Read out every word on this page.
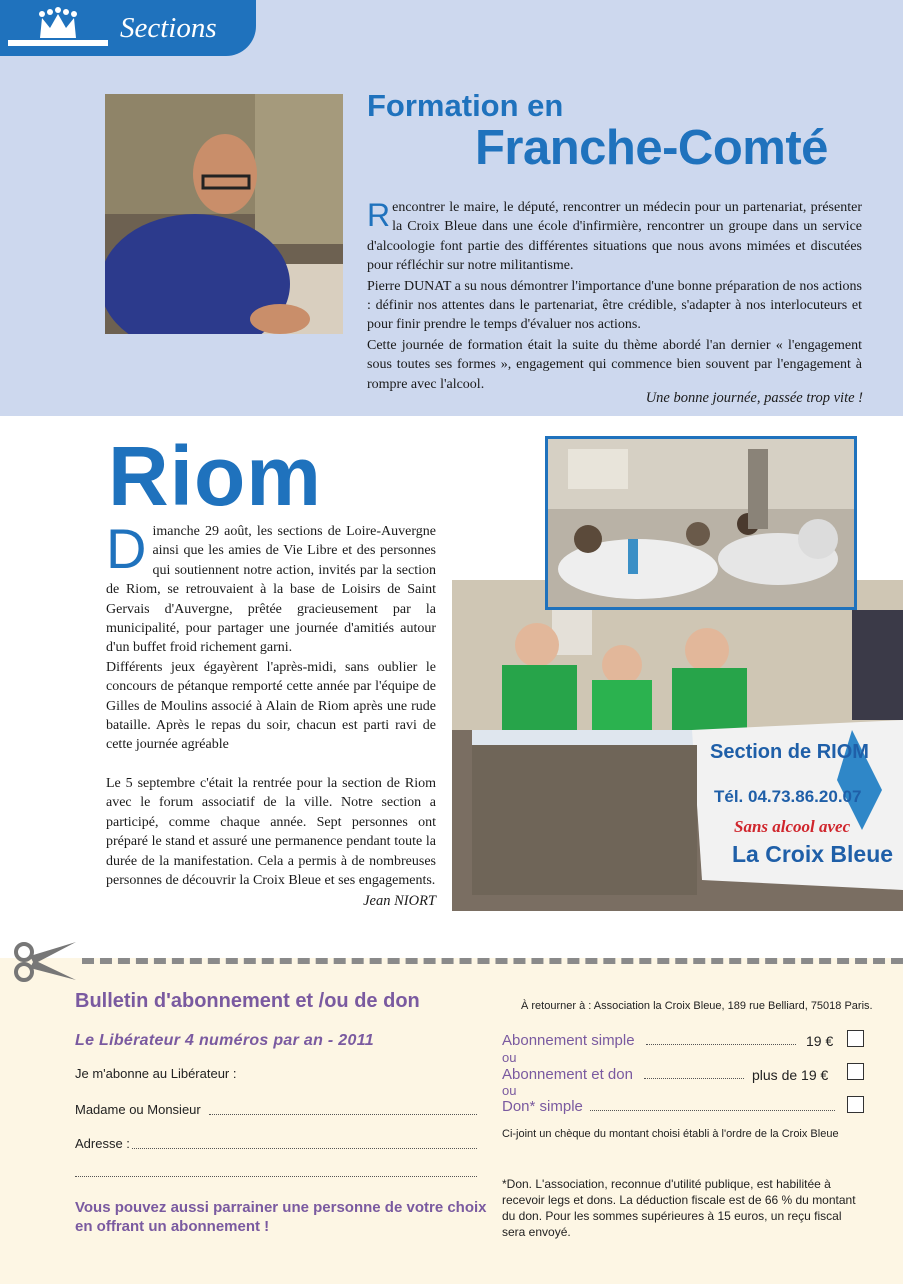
Sections
Formation en
Franche-Comté

Rencontrer le maire, le député, rencontrer un médecin pour un partenariat, présenter la Croix Bleue dans une école d'infirmière, rencontrer un groupe dans un service d'alcoologie font partie des différentes situations que nous avons mimées et discutées pour réfléchir sur notre militantisme.

Pierre DUNAT a su nous démontrer l'importance d'une bonne préparation de nos actions : définir nos attentes dans le partenariat, être crédible, s'adapter à nos interlocuteurs et pour finir prendre le temps d'évaluer nos actions.

Cette journée de formation était la suite du thème abordé l'an dernier « l'engagement sous toutes ses formes », engagement qui commence bien souvent par l'engagement à rompre avec l'alcool.

Une bonne journée, passée trop vite !
Riom

Dimanche 29 août, les sections de Loire-Auvergne ainsi que les amies de Vie Libre et des personnes qui soutiennent notre action, invités par la section de Riom, se retrouvaient à la base de Loisirs de Saint Gervais d'Auvergne, prêtée gracieusement par la municipalité, pour partager une journée d'amitiés autour d'un buffet froid richement garni.

Différents jeux égayèrent l'après-midi, sans oublier le concours de pétanque remporté cette année par l'équipe de Gilles de Moulins associé à Alain de Riom après une rude bataille. Après le repas du soir, chacun est parti ravi de cette journée agréable

Le 5 septembre c'était la rentrée pour la section de Riom avec le forum associatif de la ville. Notre section a participé, comme chaque année. Sept personnes ont préparé le stand et assuré une permanence pendant toute la durée de la manifestation. Cela a permis à de nombreuses personnes de découvrir la Croix Bleue et ses engagements.

Jean NIORT
Section de RIOM
Tél. 04.73.86.20.07
Sans alcool avec
La Croix Bleue
Bulletin d'abonnement et /ou de don	À retourner à : Association la Croix Bleue, 189 rue Belliard, 75018 Paris.
Le Libérateur 4 numéros par an - 2011
Je m'abonne au Libérateur :
Madame ou Monsieur
Adresse :
Vous pouvez aussi parrainer une personne de votre choix en offrant un abonnement !
Abonnement simple	19 €
ou
Abonnement et don	plus de 19 €
ou
Don* simple
Ci-joint un chèque du montant choisi établi à l'ordre de la Croix Bleue
*Don. L'association, reconnue d'utilité publique, est habilitée à recevoir legs et dons. La déduction fiscale est de 66 % du montant du don. Pour les sommes supérieures à 15 euros, un reçu fiscal sera envoyé.
